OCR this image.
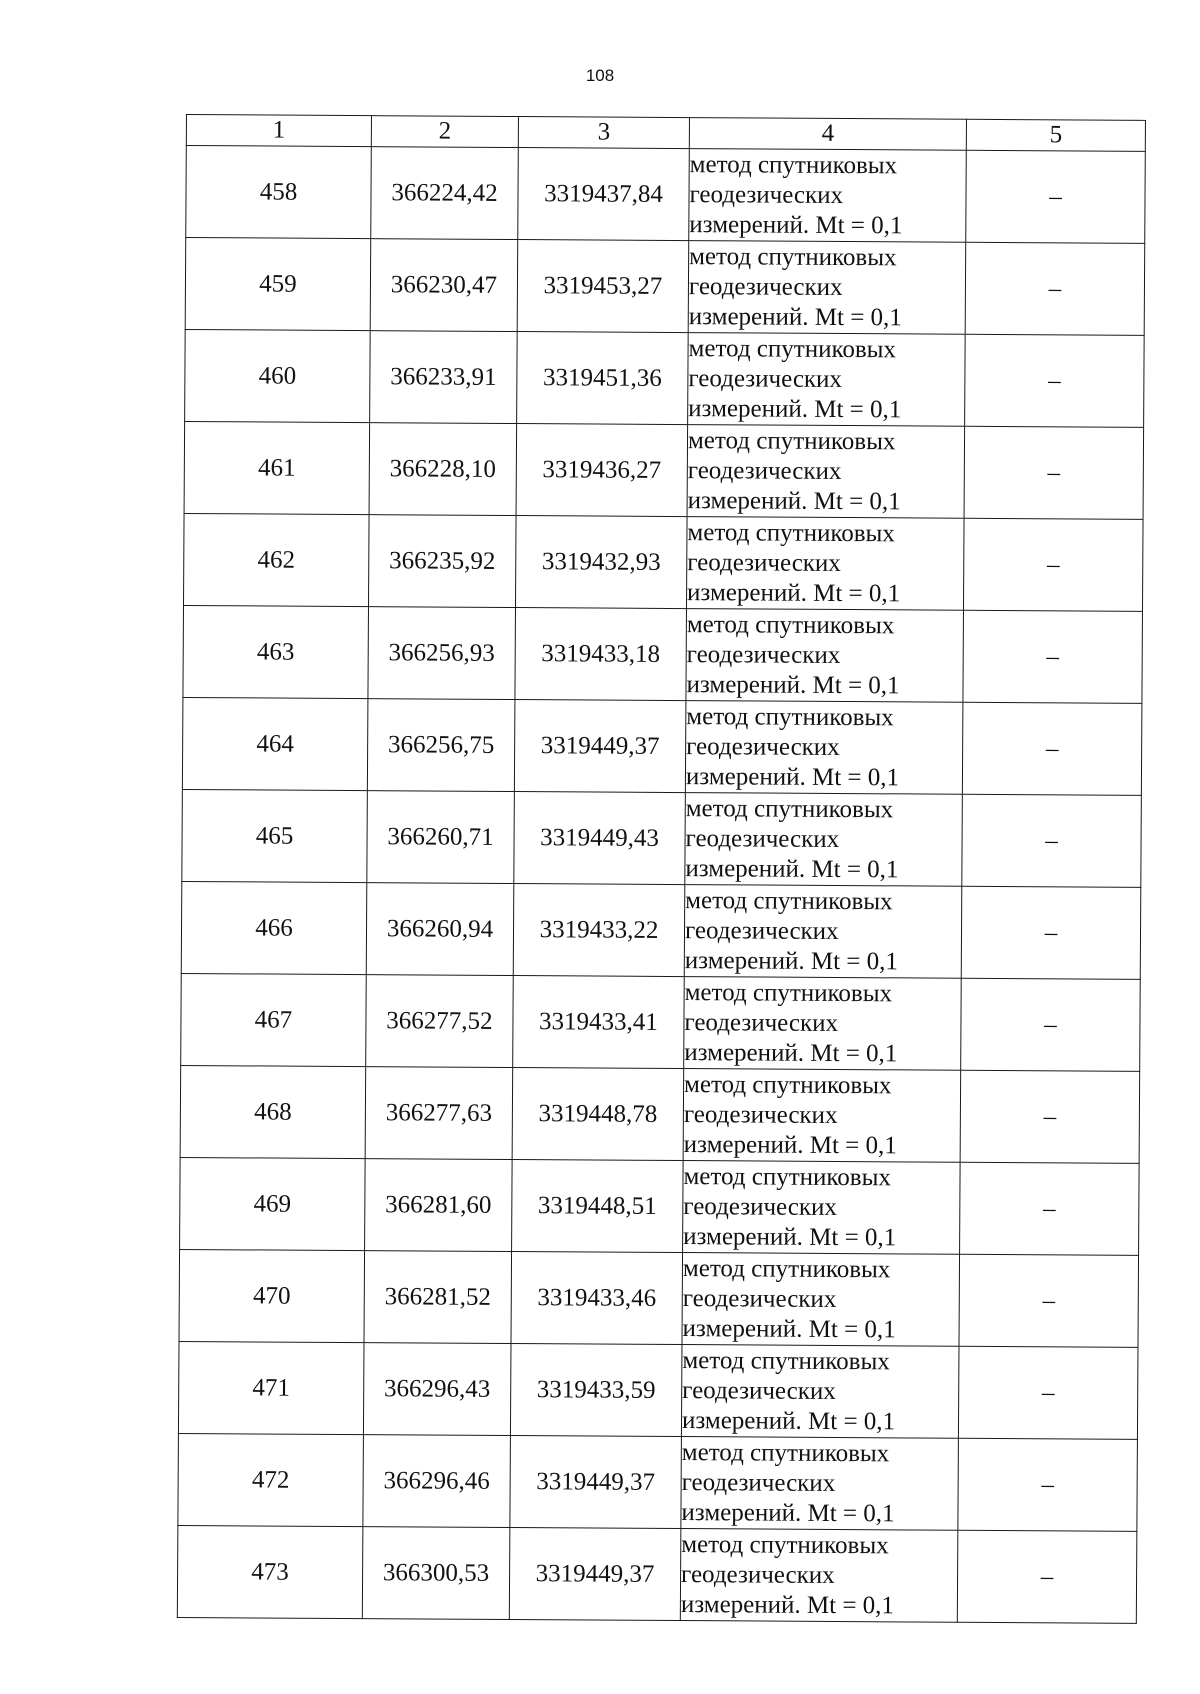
108
1	2	3	4	5
458	366224,42	3319437,84	метод спутниковых
геодезических
измерений. Mt = 0,1	–
459	366230,47	3319453,27	метод спутниковых
геодезических
измерений. Mt = 0,1	–
460	366233,91	3319451,36	метод спутниковых
геодезических
измерений. Mt = 0,1	–
461	366228,10	3319436,27	метод спутниковых
геодезических
измерений. Mt = 0,1	–
462	366235,92	3319432,93	метод спутниковых
геодезических
измерений. Mt = 0,1	–
463	366256,93	3319433,18	метод спутниковых
геодезических
измерений. Mt = 0,1	–
464	366256,75	3319449,37	метод спутниковых
геодезических
измерений. Mt = 0,1	–
465	366260,71	3319449,43	метод спутниковых
геодезических
измерений. Mt = 0,1	–
466	366260,94	3319433,22	метод спутниковых
геодезических
измерений. Mt = 0,1	–
467	366277,52	3319433,41	метод спутниковых
геодезических
измерений. Mt = 0,1	–
468	366277,63	3319448,78	метод спутниковых
геодезических
измерений. Mt = 0,1	–
469	366281,60	3319448,51	метод спутниковых
геодезических
измерений. Mt = 0,1	–
470	366281,52	3319433,46	метод спутниковых
геодезических
измерений. Mt = 0,1	–
471	366296,43	3319433,59	метод спутниковых
геодезических
измерений. Mt = 0,1	–
472	366296,46	3319449,37	метод спутниковых
геодезических
измерений. Mt = 0,1	–
473	366300,53	3319449,37	метод спутниковых
геодезических
измерений. Mt = 0,1	–
